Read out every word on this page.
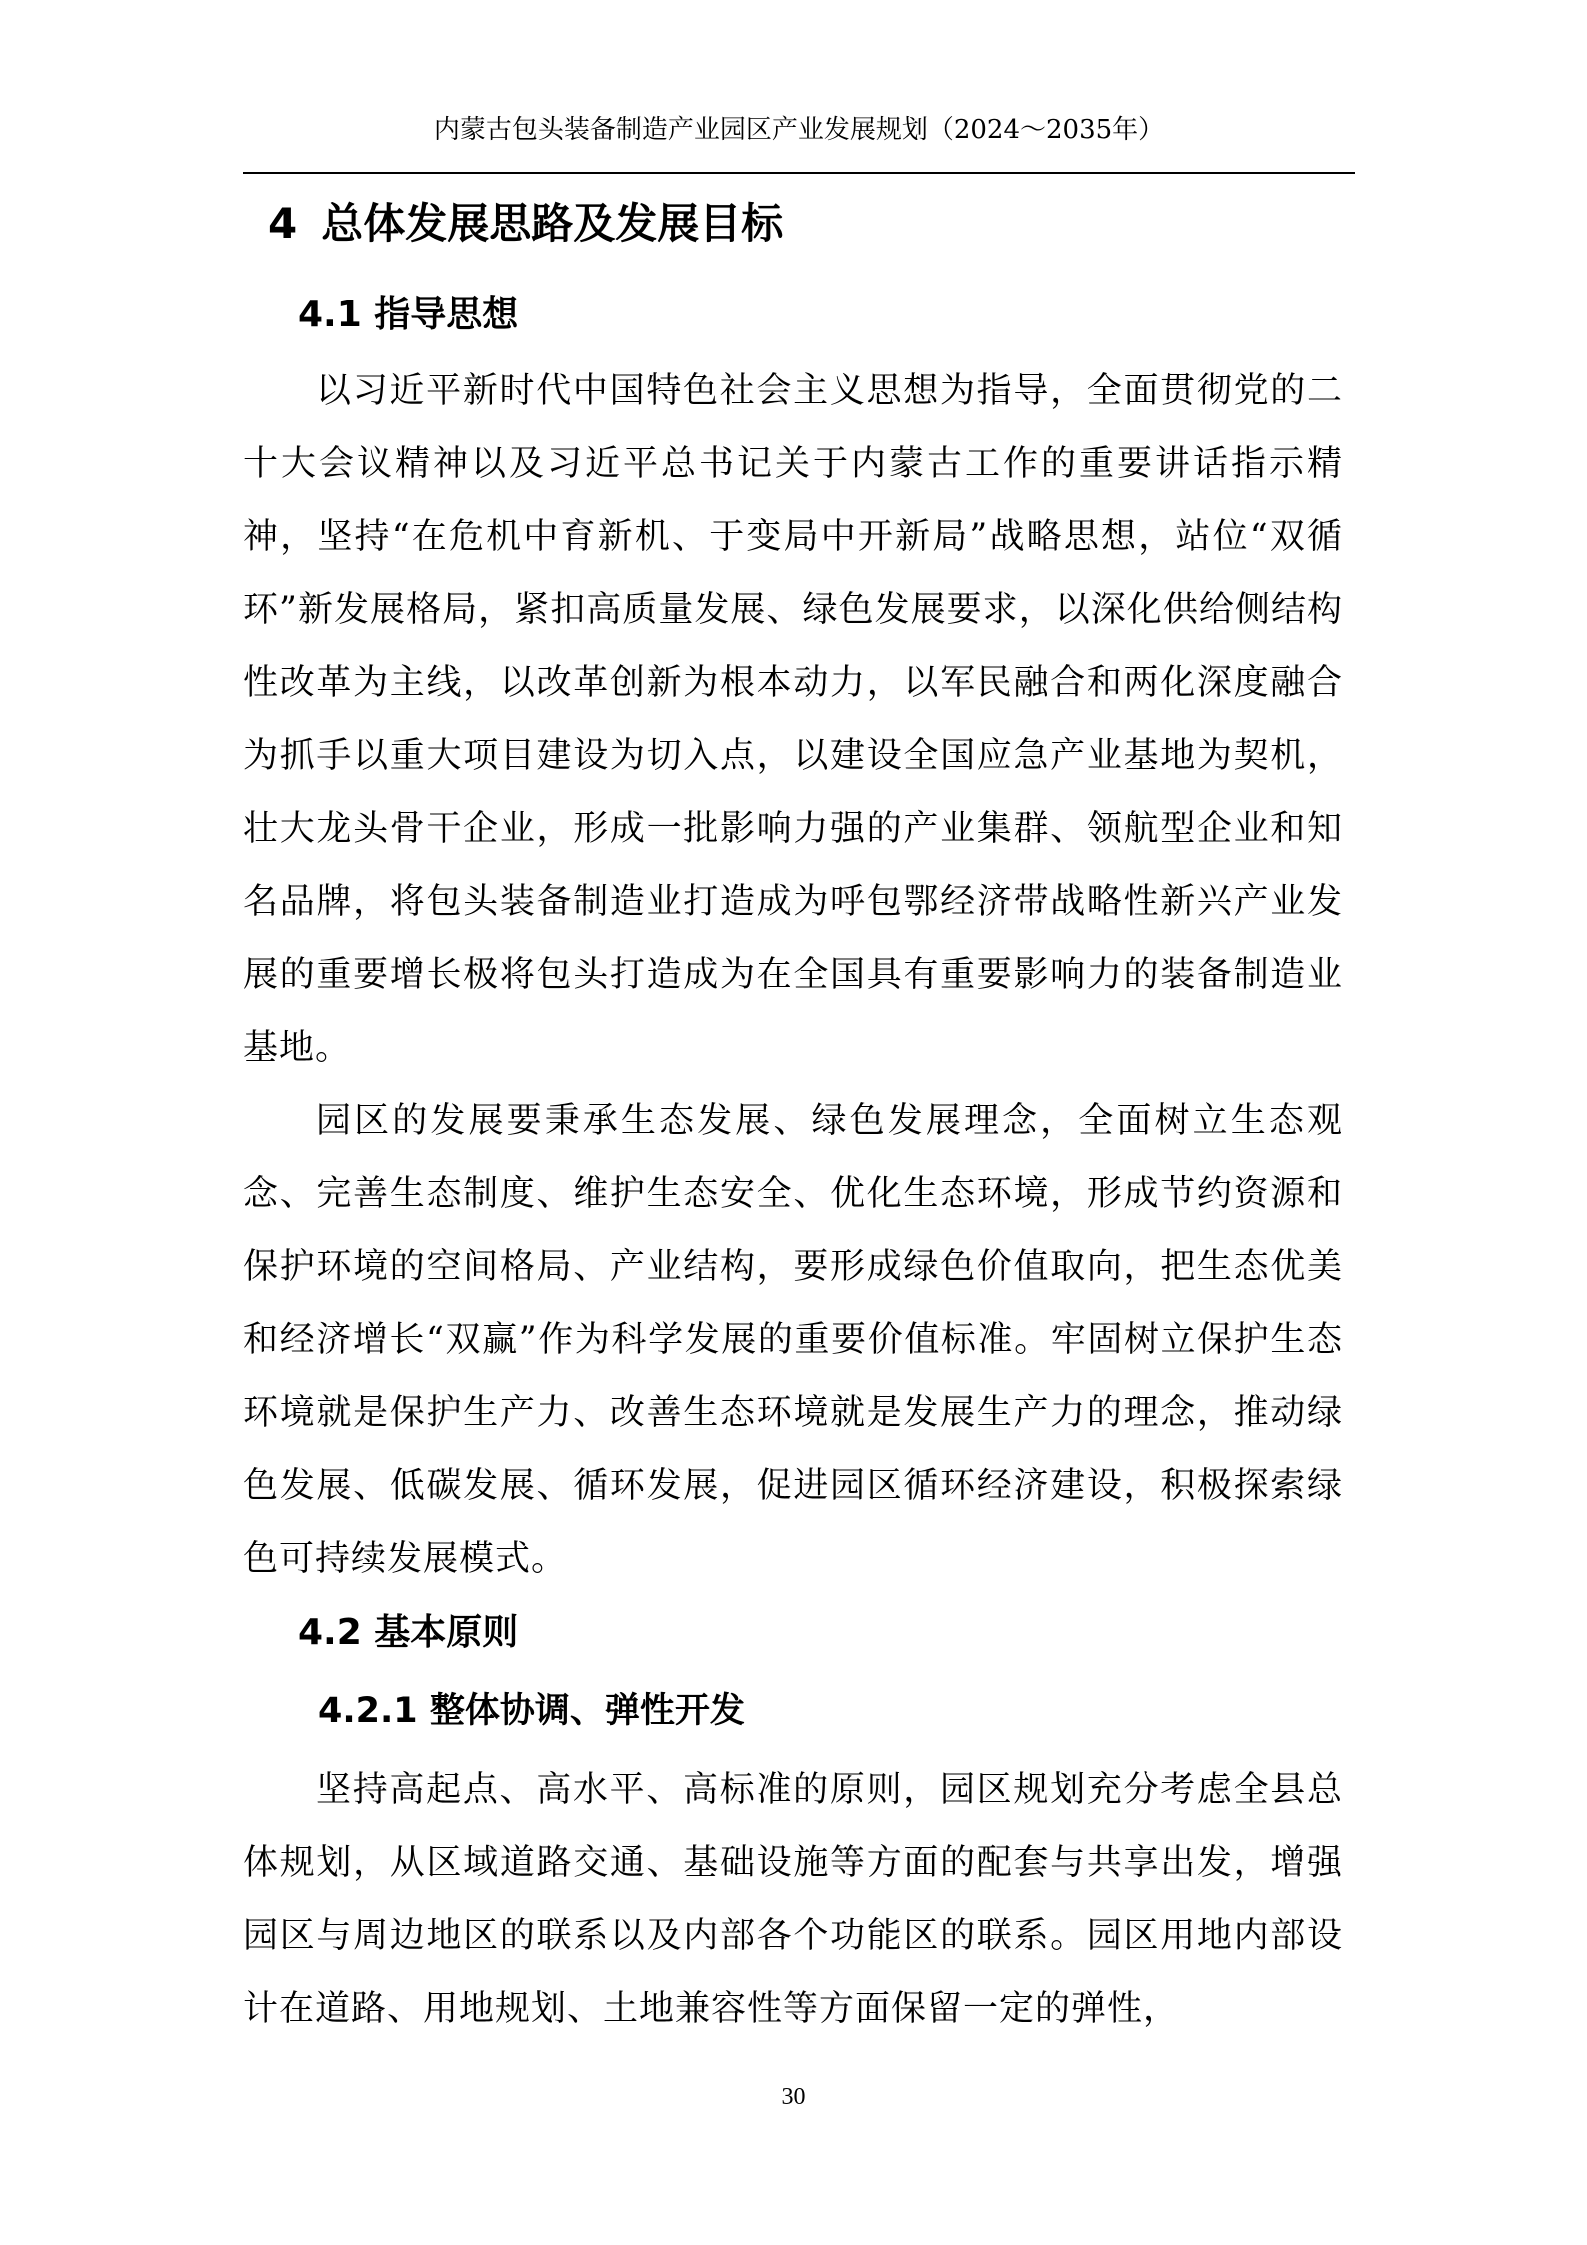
内蒙古包头装备制造产业园区产业发展规划（2024～2035年）
4 总体发展思路及发展目标
4.1 指导思想

以习近平新时代中国特色社会主义思想为指导，全面贯彻党的二十大会议精神以及习近平总书记关于内蒙古工作的重要讲话指示精神，坚持“在危机中育新机、于变局中开新局”战略思想，站位“双循环”新发展格局，紧扣高质量发展、绿色发展要求，以深化供给侧结构性改革为主线，以改革创新为根本动力，以军民融合和两化深度融合为抓手以重大项目建设为切入点，以建设全国应急产业基地为契机，壮大龙头骨干企业，形成一批影响力强的产业集群、领航型企业和知名品牌，将包头装备制造业打造成为呼包鄂经济带战略性新兴产业发展的重要增长极将包头打造成为在全国具有重要影响力的装备制造业基地。

园区的发展要秉承生态发展、绿色发展理念，全面树立生态观念、完善生态制度、维护生态安全、优化生态环境，形成节约资源和保护环境的空间格局、产业结构，要形成绿色价值取向，把生态优美和经济增长“双赢”作为科学发展的重要价值标准。牢固树立保护生态环境就是保护生产力、改善生态环境就是发展生产力的理念，推动绿色发展、低碳发展、循环发展，促进园区循环经济建设，积极探索绿色可持续发展模式。

4.2 基本原则
4.2.1 整体协调、弹性开发

坚持高起点、高水平、高标准的原则，园区规划充分考虑全县总体规划，从区域道路交通、基础设施等方面的配套与共享出发，增强园区与周边地区的联系以及内部各个功能区的联系。园区用地内部设计在道路、用地规划、土地兼容性等方面保留一定的弹性，

30
